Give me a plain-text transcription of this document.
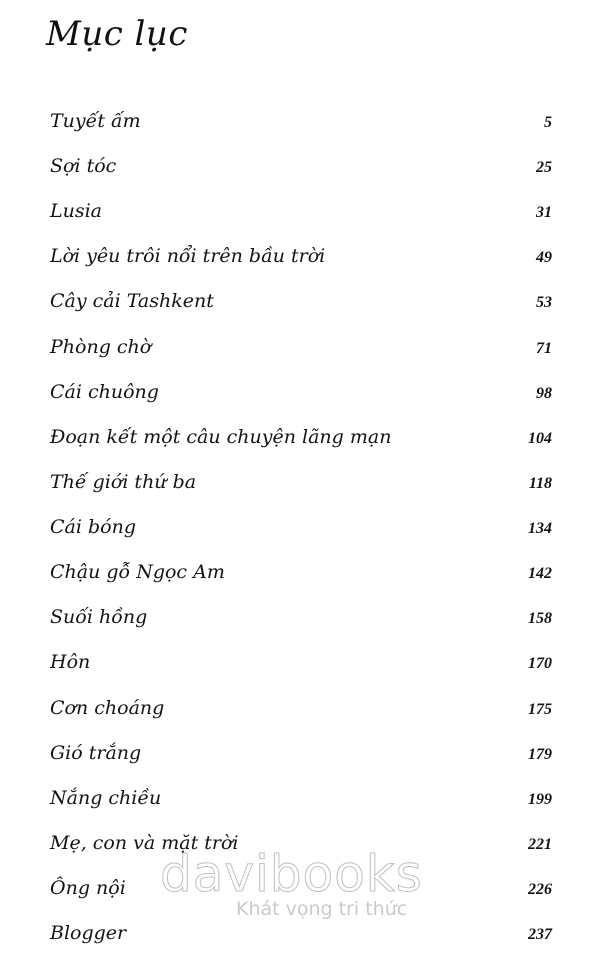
Mục lục
Tuyết ấm	5
Sợi tóc	25
Lusia	31
Lời yêu trôi nổi trên bầu trời	49
Cây cải Tashkent	53
Phòng chờ	71
Cái chuông	98
Đoạn kết một câu chuyện lãng mạn	104
Thế giới thứ ba	118
Cái bóng	134
Chậu gỗ Ngọc Am	142
Suối hồng	158
Hôn	170
Cơn choáng	175
Gió trắng	179
Nắng chiều	199
Mẹ, con và mặt trời	221
Ông nội	226
Blogger	237
davibooks
Khát vọng tri thức
